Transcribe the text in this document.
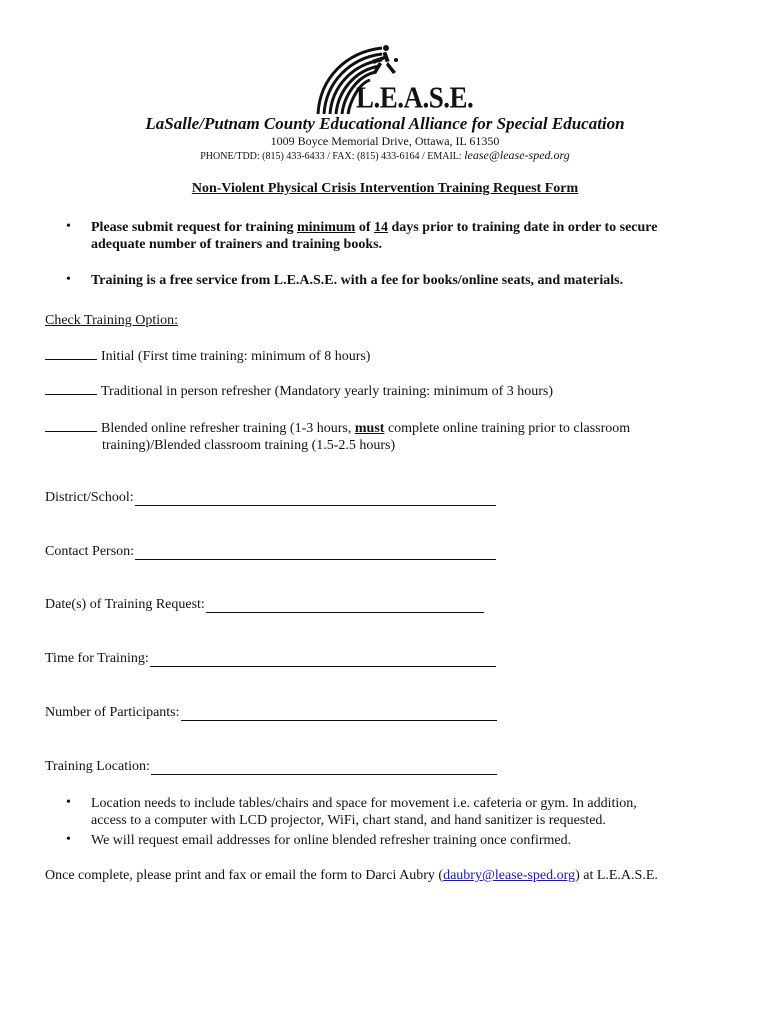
L.E.A.S.E.
LaSalle/Putnam County Educational Alliance for Special Education
1009 Boyce Memorial Drive, Ottawa, IL 61350
PHONE/TDD: (815) 433-6433 / FAX: (815) 433-6164 / EMAIL: lease@lease-sped.org
Non-Violent Physical Crisis Intervention Training Request Form
• Please submit request for training minimum of 14 days prior to training date in order to secure
adequate number of trainers and training books.
• Training is a free service from L.E.A.S.E. with a fee for books/online seats, and materials.
Check Training Option:
Initial (First time training: minimum of 8 hours)
Traditional in person refresher (Mandatory yearly training: minimum of 3 hours)
Blended online refresher training (1-3 hours, must complete online training prior to classroom
training)/Blended classroom training (1.5-2.5 hours)
District/School:
Contact Person:
Date(s) of Training Request:
Time for Training:
Number of Participants:
Training Location:
• Location needs to include tables/chairs and space for movement i.e. cafeteria or gym. In addition,
access to a computer with LCD projector, WiFi, chart stand, and hand sanitizer is requested.
• We will request email addresses for online blended refresher training once confirmed.
Once complete, please print and fax or email the form to Darci Aubry (daubry@lease-sped.org) at L.E.A.S.E.
